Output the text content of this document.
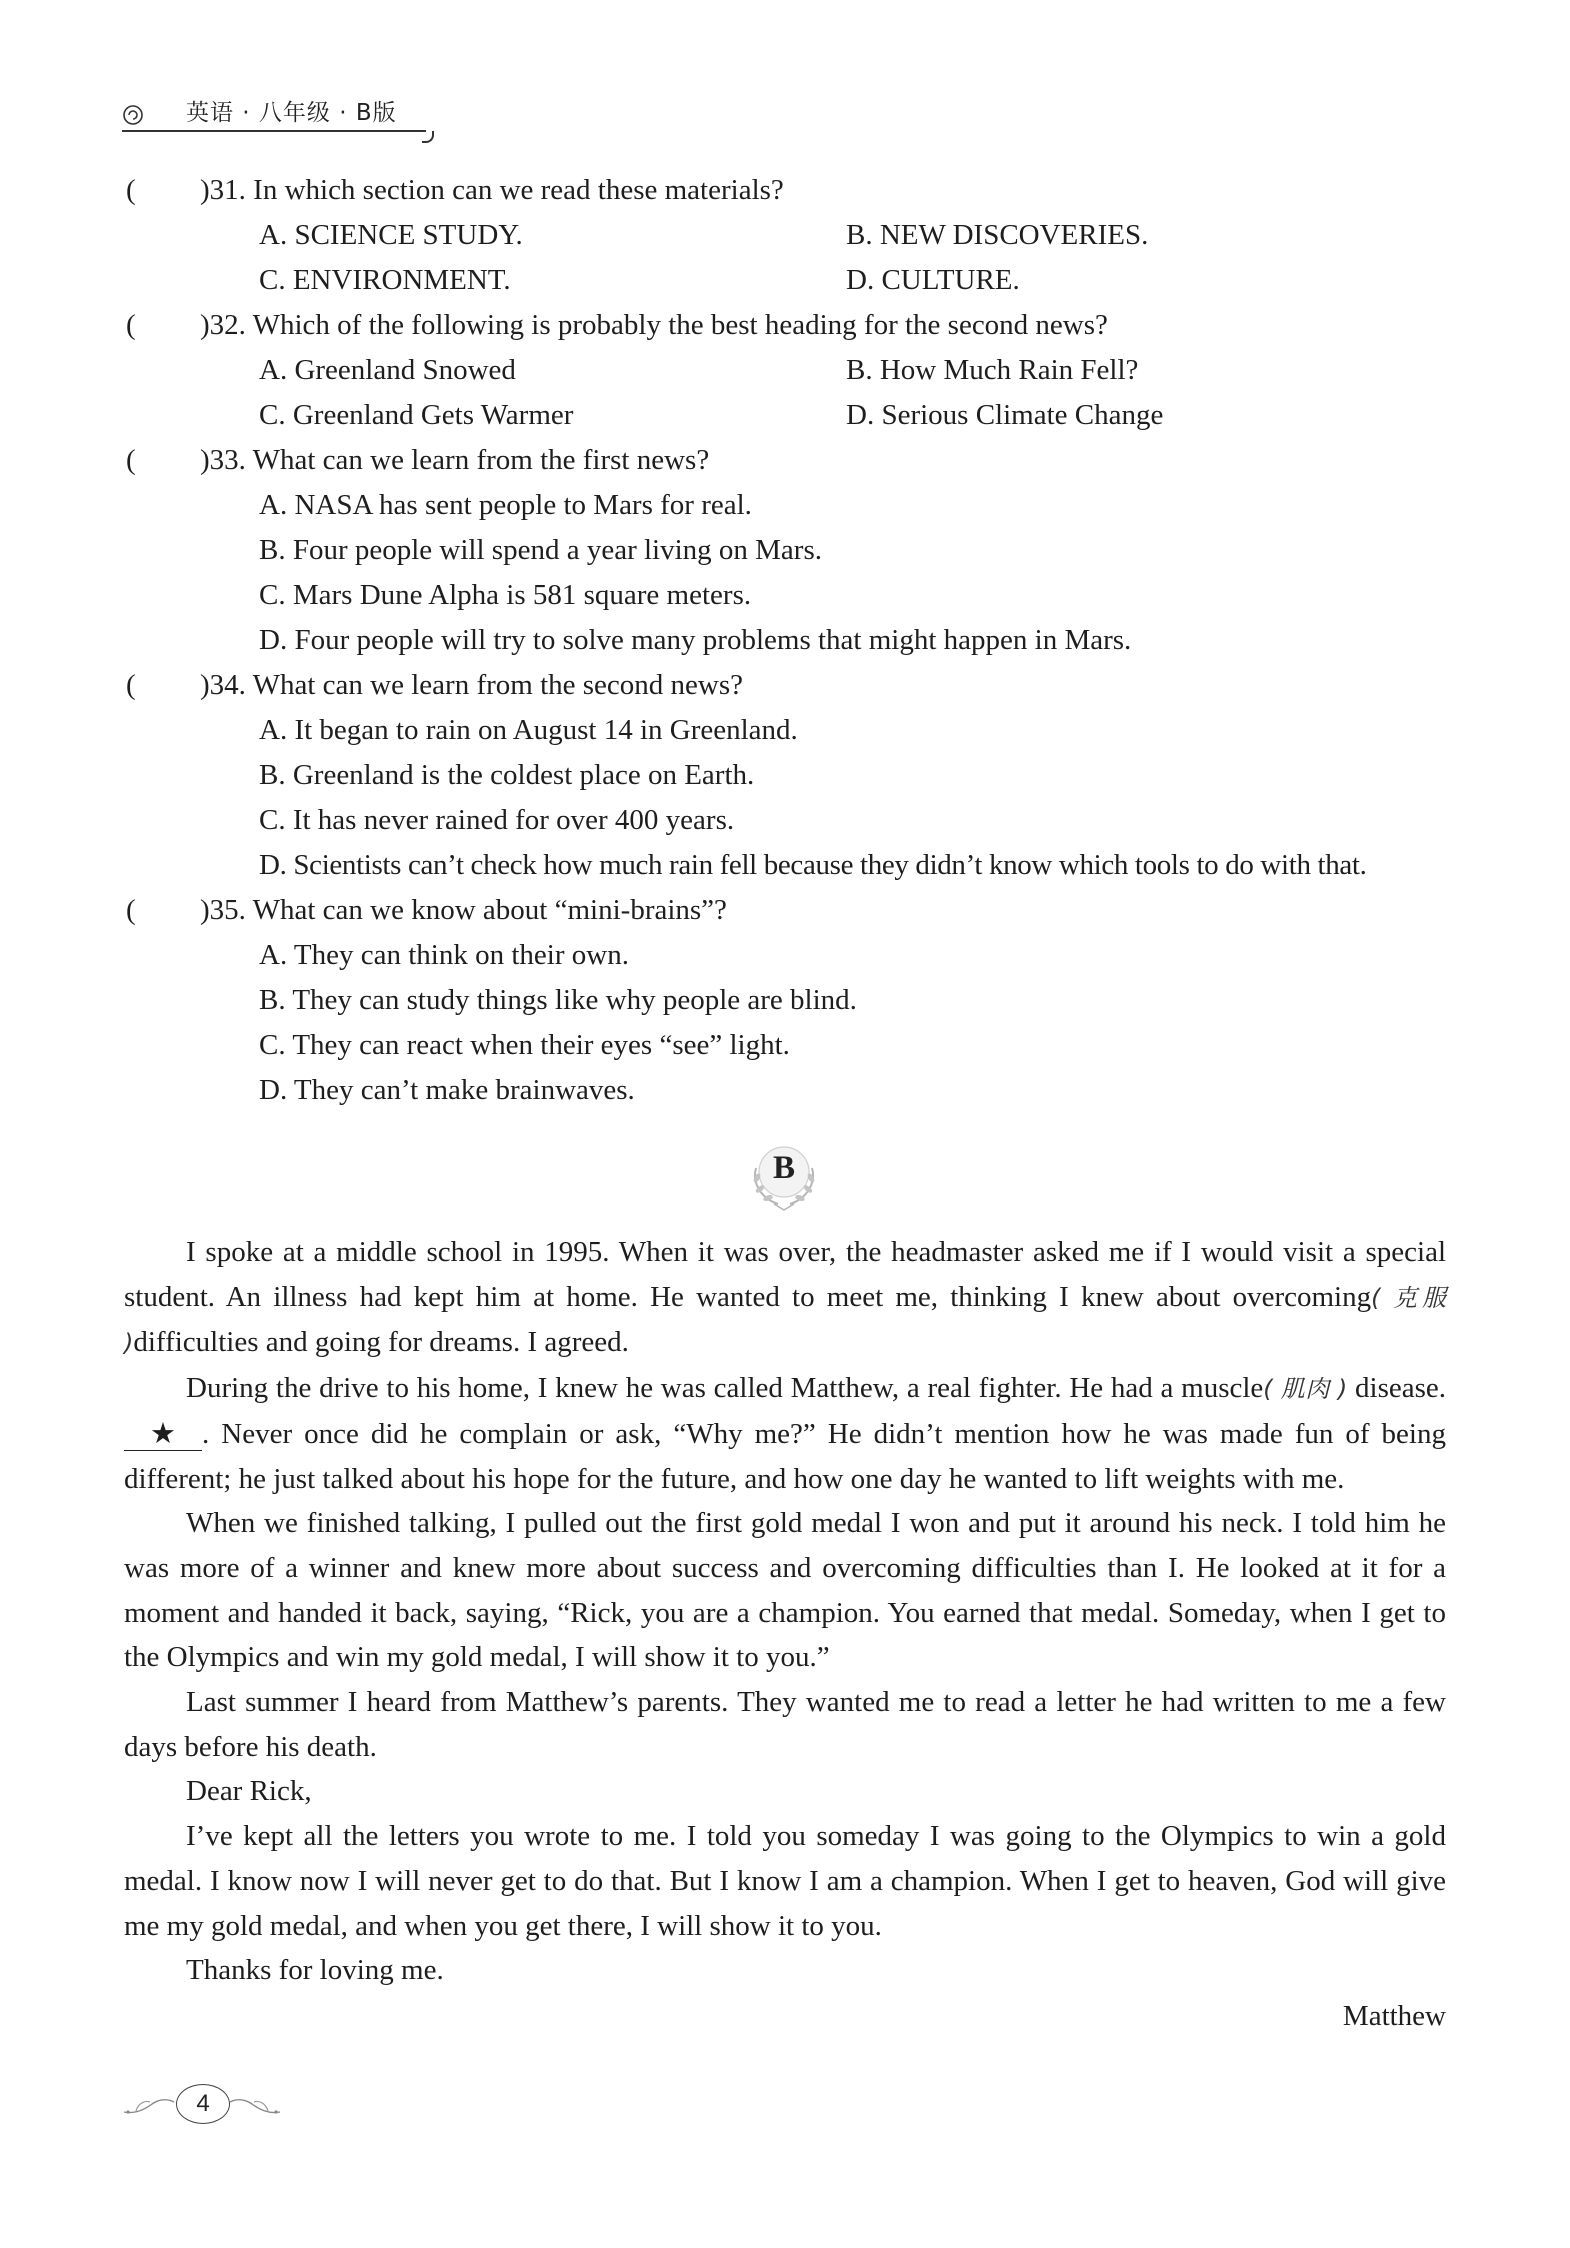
英语 · 八年级 · B版
( )31. In which section can we read these materials?
A. SCIENCE STUDY.	B. NEW DISCOVERIES.
C. ENVIRONMENT.	D. CULTURE.
( )32. Which of the following is probably the best heading for the second news?
A. Greenland Snowed	B. How Much Rain Fell?
C. Greenland Gets Warmer	D. Serious Climate Change
( )33. What can we learn from the first news?
A. NASA has sent people to Mars for real.
B. Four people will spend a year living on Mars.
C. Mars Dune Alpha is 581 square meters.
D. Four people will try to solve many problems that might happen in Mars.
( )34. What can we learn from the second news?
A. It began to rain on August 14 in Greenland.
B. Greenland is the coldest place on Earth.
C. It has never rained for over 400 years.
D. Scientists can’t check how much rain fell because they didn’t know which tools to do with that.
( )35. What can we know about “mini-brains”?
A. They can think on their own.
B. They can study things like why people are blind.
C. They can react when their eyes “see” light.
D. They can’t make brainwaves.
B

I spoke at a middle school in 1995. When it was over, the headmaster asked me if I would visit a special student. An illness had kept him at home. He wanted to meet me, thinking I knew about overcoming( 克服 )difficulties and going for dreams. I agreed.

During the drive to his home, I knew he was called Matthew, a real fighter. He had a muscle( 肌肉 ) disease. ★ . Never once did he complain or ask, “Why me?” He didn’t mention how he was made fun of being different; he just talked about his hope for the future, and how one day he wanted to lift weights with me.

When we finished talking, I pulled out the first gold medal I won and put it around his neck. I told him he was more of a winner and knew more about success and overcoming difficulties than I. He looked at it for a moment and handed it back, saying, “Rick, you are a champion. You earned that medal. Someday, when I get to the Olympics and win my gold medal, I will show it to you.”

Last summer I heard from Matthew’s parents. They wanted me to read a letter he had written to me a few days before his death.

Dear Rick,

I’ve kept all the letters you wrote to me. I told you someday I was going to the Olympics to win a gold medal. I know now I will never get to do that. But I know I am a champion. When I get to heaven, God will give me my gold medal, and when you get there, I will show it to you.

Thanks for loving me.

Matthew

4
